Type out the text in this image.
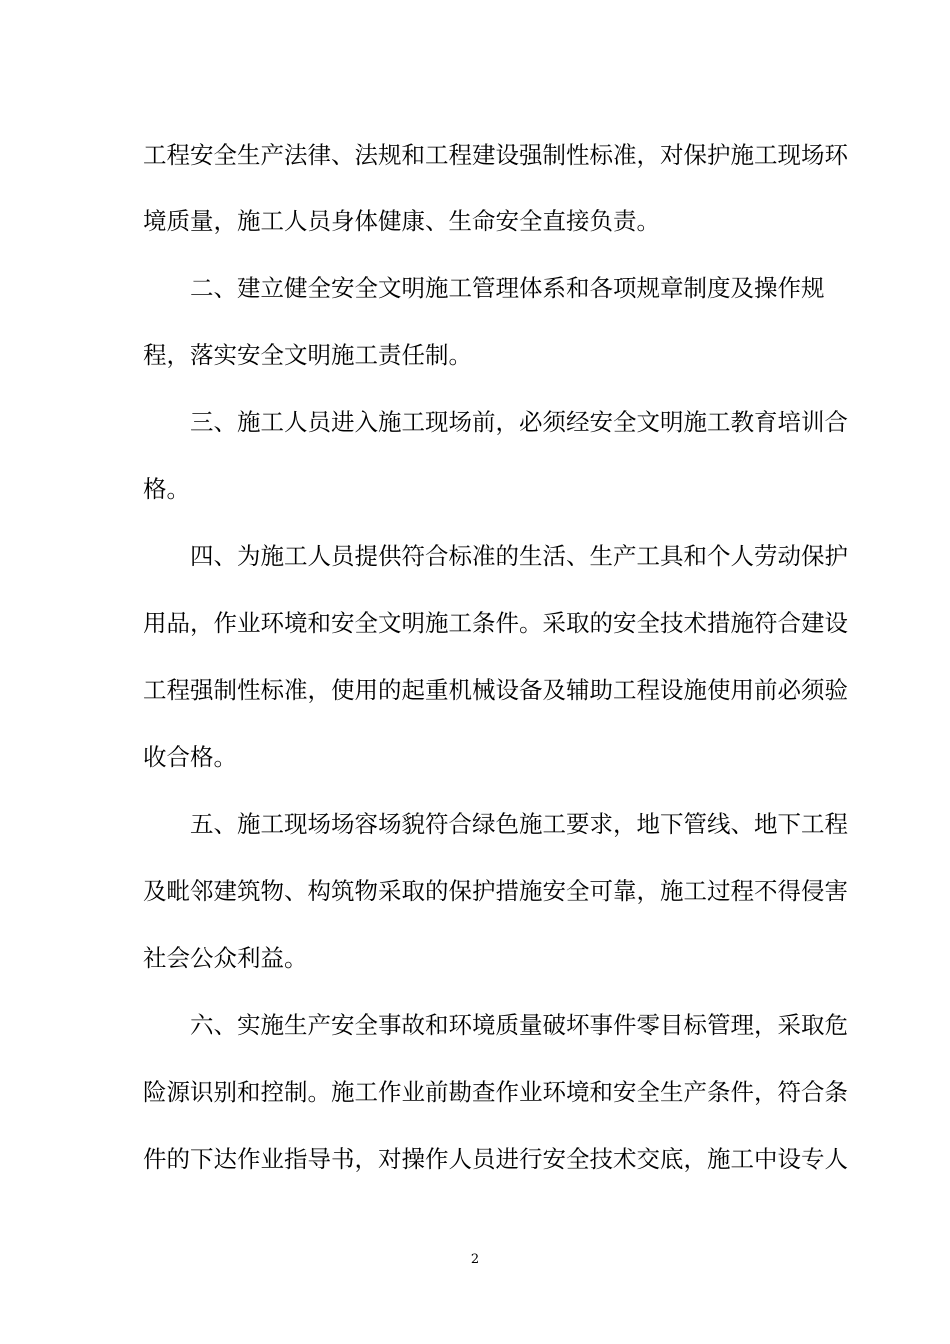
工程安全生产法律、法规和工程建设强制性标准，对保护施工现场环
境质量，施工人员身体健康、生命安全直接负责。
二、建立健全安全文明施工管理体系和各项规章制度及操作规
程，落实安全文明施工责任制。
三、施工人员进入施工现场前，必须经安全文明施工教育培训合
格。
四、为施工人员提供符合标准的生活、生产工具和个人劳动保护
用品，作业环境和安全文明施工条件。采取的安全技术措施符合建设
工程强制性标准，使用的起重机械设备及辅助工程设施使用前必须验
收合格。
五、施工现场场容场貌符合绿色施工要求，地下管线、地下工程
及毗邻建筑物、构筑物采取的保护措施安全可靠，施工过程不得侵害
社会公众利益。
六、实施生产安全事故和环境质量破坏事件零目标管理，采取危
险源识别和控制。施工作业前勘查作业环境和安全生产条件，符合条
件的下达作业指导书，对操作人员进行安全技术交底，施工中设专人
2
